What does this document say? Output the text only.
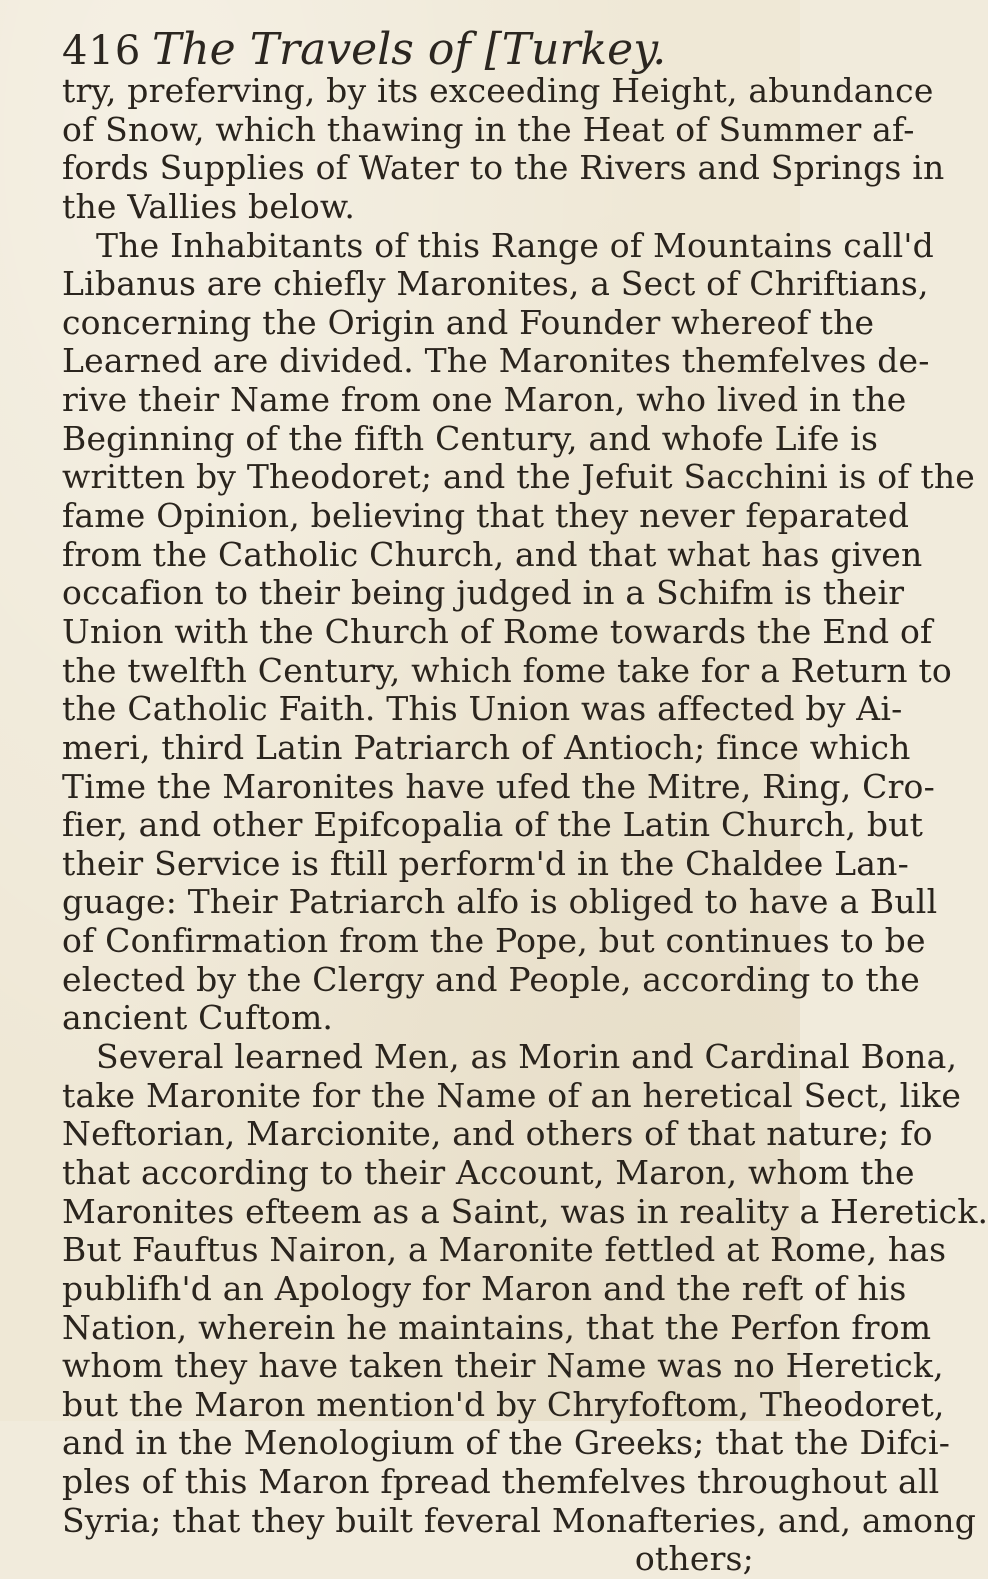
416 The Travels of [Turkey.
try, preferving, by its exceeding Height, abundance
of Snow, which thawing in the Heat of Summer af-
fords Supplies of Water to the Rivers and Springs in
the Vallies below.
The Inhabitants of this Range of Mountains call'd
Libanus are chiefly Maronites, a Sect of Chriftians,
concerning the Origin and Founder whereof the
Learned are divided. The Maronites themfelves de-
rive their Name from one Maron, who lived in the
Beginning of the fifth Century, and whofe Life is
written by Theodoret; and the Jefuit Sacchini is of the
fame Opinion, believing that they never feparated
from the Catholic Church, and that what has given
occafion to their being judged in a Schifm is their
Union with the Church of Rome towards the End of
the twelfth Century, which fome take for a Return to
the Catholic Faith. This Union was affected by Ai-
meri, third Latin Patriarch of Antioch; fince which
Time the Maronites have ufed the Mitre, Ring, Cro-
fier, and other Epifcopalia of the Latin Church, but
their Service is ftill perform'd in the Chaldee Lan-
guage: Their Patriarch alfo is obliged to have a Bull
of Confirmation from the Pope, but continues to be
elected by the Clergy and People, according to the
ancient Cuftom.
Several learned Men, as Morin and Cardinal Bona,
take Maronite for the Name of an heretical Sect, like
Neftorian, Marcionite, and others of that nature; fo
that according to their Account, Maron, whom the
Maronites efteem as a Saint, was in reality a Heretick.
But Fauftus Nairon, a Maronite fettled at Rome, has
publifh'd an Apology for Maron and the reft of his
Nation, wherein he maintains, that the Perfon from
whom they have taken their Name was no Heretick,
but the Maron mention'd by Chryfoftom, Theodoret,
and in the Menologium of the Greeks; that the Difci-
ples of this Maron fpread themfelves throughout all
Syria; that they built feveral Monafteries, and, among
others;
